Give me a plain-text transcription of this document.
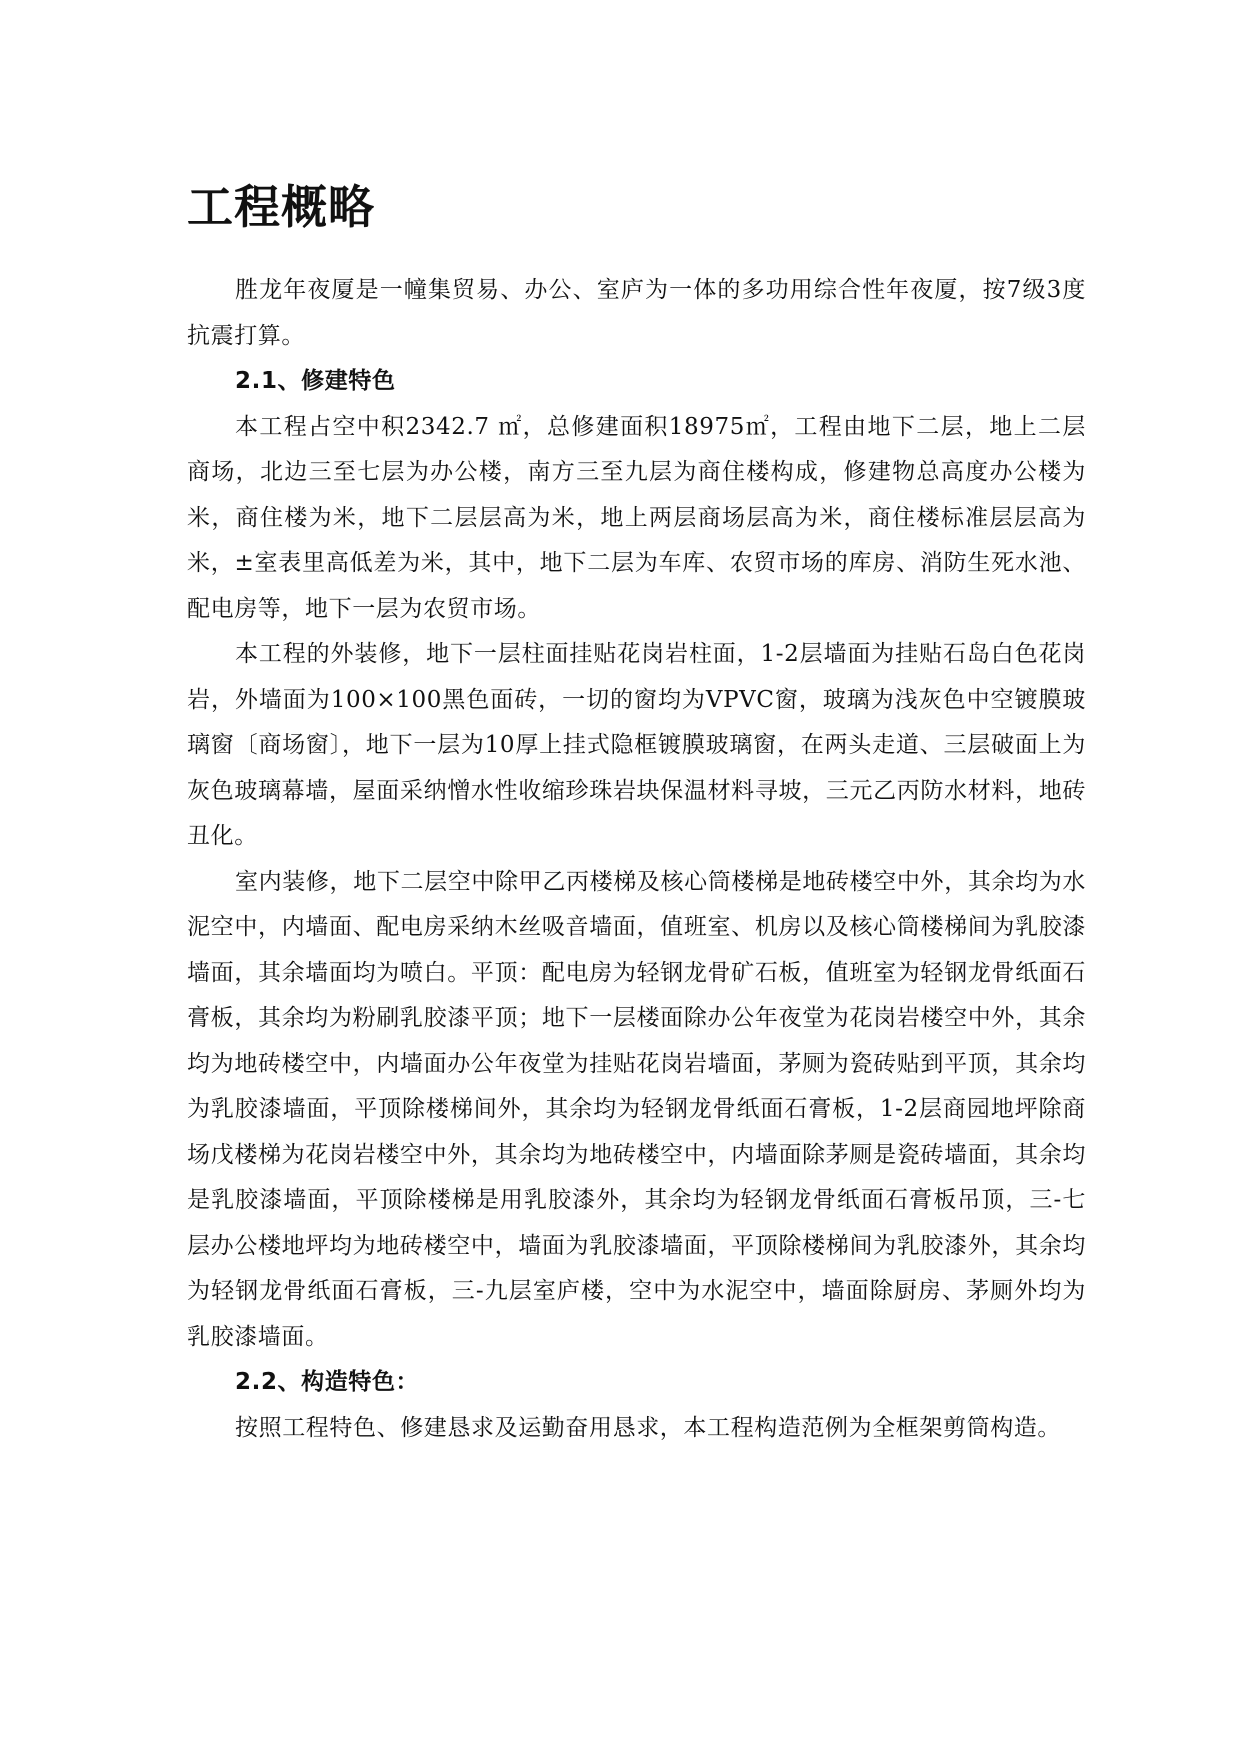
工程概略

胜龙年夜厦是一幢集贸易、办公、室庐为一体的多功用综合性年夜厦，按7级3度抗震打算。

2.1、修建特色

本工程占空中积2342.7 ㎡，总修建面积18975㎡，工程由地下二层，地上二层商场，北边三至七层为办公楼，南方三至九层为商住楼构成，修建物总高度办公楼为米，商住楼为米，地下二层层高为米，地上两层商场层高为米，商住楼标准层层高为米，±室表里高低差为米，其中，地下二层为车库、农贸市场的库房、消防生死水池、配电房等，地下一层为农贸市场。

本工程的外装修，地下一层柱面挂贴花岗岩柱面，1-2层墙面为挂贴石岛白色花岗岩，外墙面为100×100黑色面砖，一切的窗均为VPVC窗，玻璃为浅灰色中空镀膜玻璃窗〔商场窗〕，地下一层为10厚上挂式隐框镀膜玻璃窗，在两头走道、三层破面上为灰色玻璃幕墙，屋面采纳憎水性收缩珍珠岩块保温材料寻坡，三元乙丙防水材料，地砖丑化。

室内装修，地下二层空中除甲乙丙楼梯及核心筒楼梯是地砖楼空中外，其余均为水泥空中，内墙面、配电房采纳木丝吸音墙面，值班室、机房以及核心筒楼梯间为乳胶漆墙面，其余墙面均为喷白。平顶：配电房为轻钢龙骨矿石板，值班室为轻钢龙骨纸面石膏板，其余均为粉刷乳胶漆平顶；地下一层楼面除办公年夜堂为花岗岩楼空中外，其余均为地砖楼空中，内墙面办公年夜堂为挂贴花岗岩墙面，茅厕为瓷砖贴到平顶，其余均为乳胶漆墙面，平顶除楼梯间外，其余均为轻钢龙骨纸面石膏板，1-2层商园地坪除商场戊楼梯为花岗岩楼空中外，其余均为地砖楼空中，内墙面除茅厕是瓷砖墙面，其余均是乳胶漆墙面，平顶除楼梯是用乳胶漆外，其余均为轻钢龙骨纸面石膏板吊顶，三-七层办公楼地坪均为地砖楼空中，墙面为乳胶漆墙面，平顶除楼梯间为乳胶漆外，其余均为轻钢龙骨纸面石膏板，三-九层室庐楼，空中为水泥空中，墙面除厨房、茅厕外均为乳胶漆墙面。

2.2、构造特色：

按照工程特色、修建恳求及运勤奋用恳求，本工程构造范例为全框架剪筒构造。
